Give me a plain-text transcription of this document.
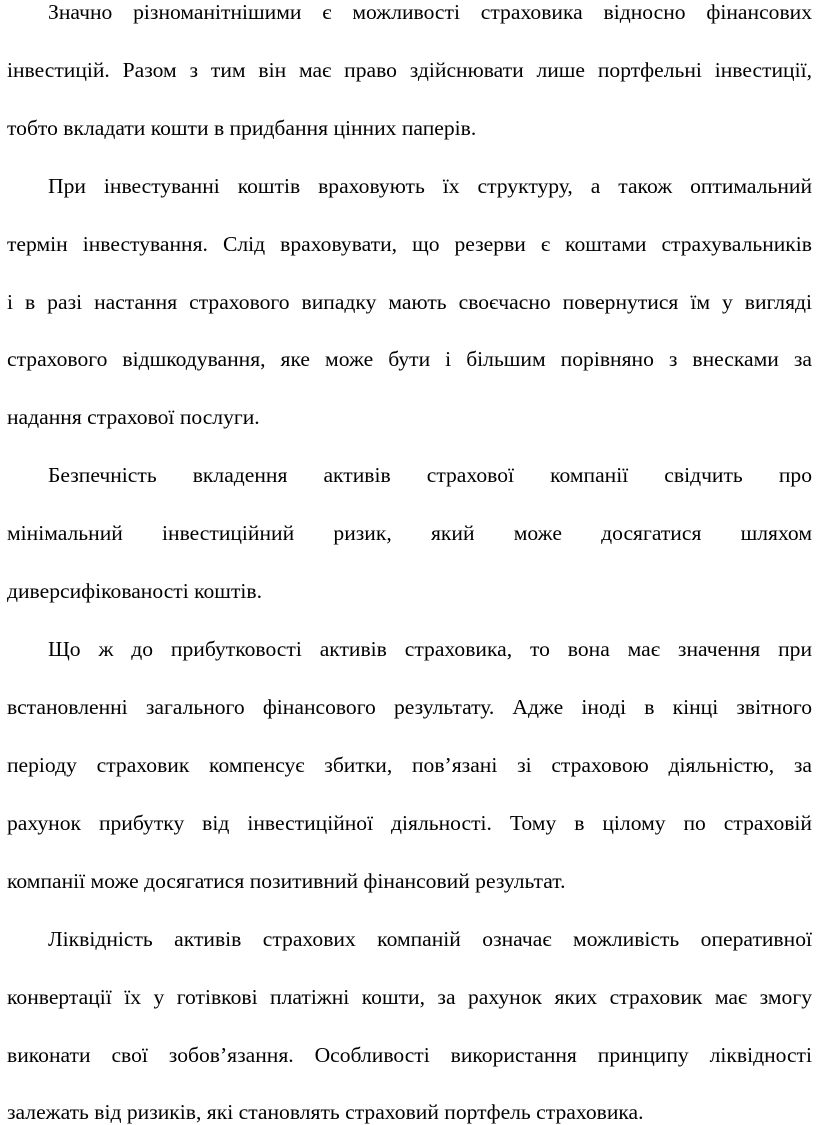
Значно різноманітнішими є можливості страховика відносно фінансових
інвестицій. Разом з тим він має право здійснювати лише портфельні інвестиції,
тобто вкладати кошти в придбання цінних паперів.
При інвестуванні коштів враховують їх структуру, а також оптимальний
термін інвестування. Слід враховувати, що резерви є коштами страхувальників
і в разі настання страхового випадку мають своєчасно повернутися їм у вигляді
страхового відшкодування, яке може бути і більшим порівняно з внесками за
надання страхової послуги.
Безпечність вкладення активів страхової компанії свідчить про
мінімальний інвестиційний ризик, який може досягатися шляхом
диверсифікованості коштів.
Що ж до прибутковості активів страховика, то вона має значення при
встановленні загального фінансового результату. Адже іноді в кінці звітного
періоду страховик компенсує збитки, пов’язані зі страховою діяльністю, за
рахунок прибутку від інвестиційної діяльності. Тому в цілому по страховій
компанії може досягатися позитивний фінансовий результат.
Ліквідність активів страхових компаній означає можливість оперативної
конвертації їх у готівкові платіжні кошти, за рахунок яких страховик має змогу
виконати свої зобов’язання. Особливості використання принципу ліквідності
залежать від ризиків, які становлять страховий портфель страховика.
